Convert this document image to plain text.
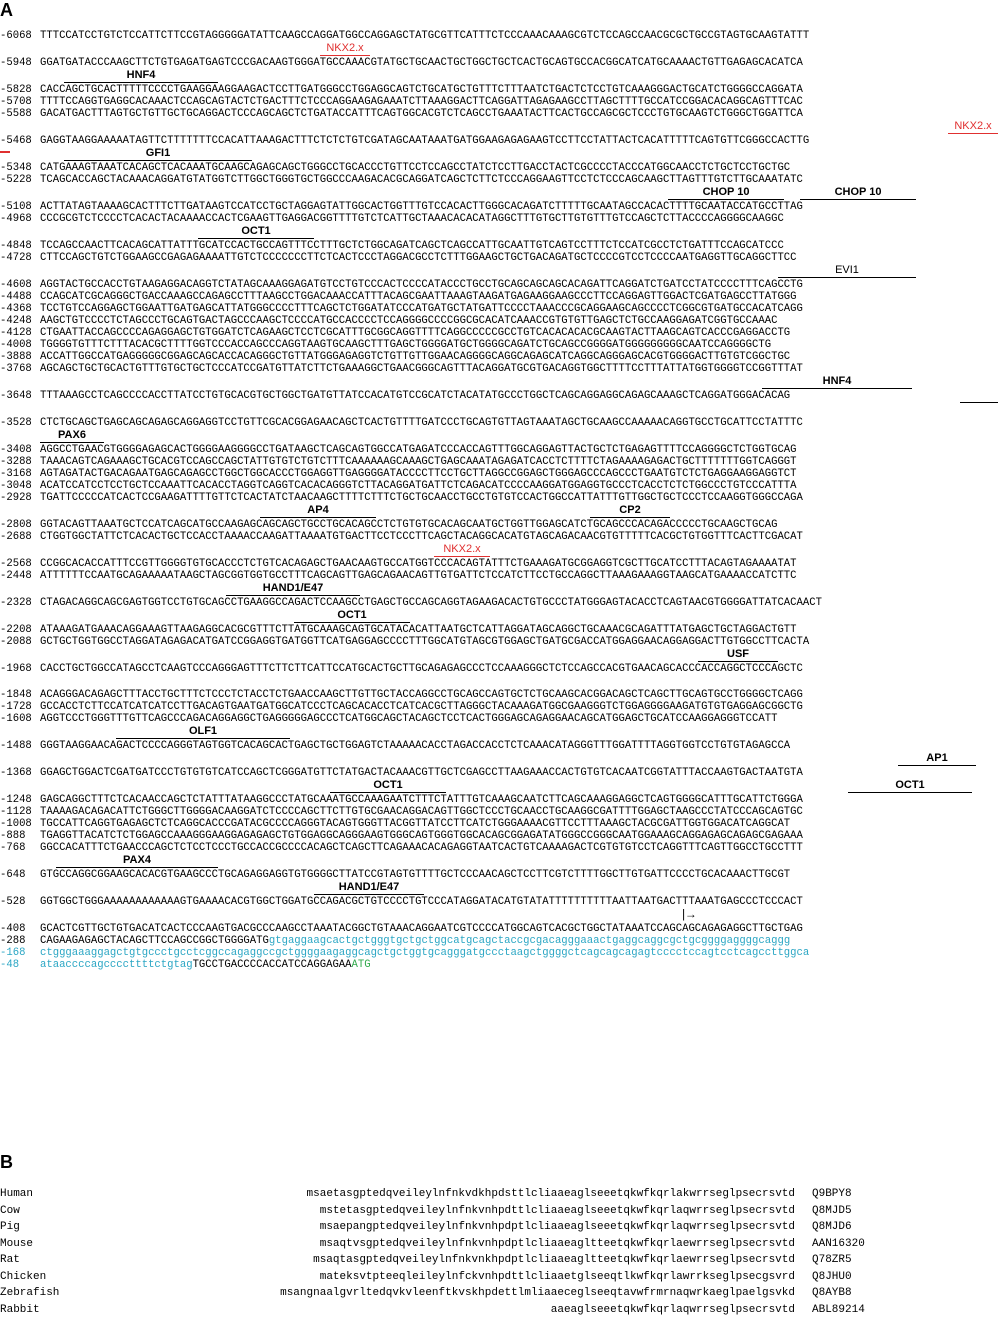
A
-6068 TTTCCATCCTGTCTCCATTCTTCCGTAGGGGGATATTCAAGCCAGGATGGCCAGGAGCTATGCGTTCATTTCTCCCAAACAAAGCGTCTCCAGCCAACGCGCTGCCGTAGTGCAAGTATTT
NKX2.x
-5948 GGATGATACCCAAGCTTCTGTGAGATGAGTCCCGACAAGTGGGATGCCAAACGTATGCTGCAACTGCTGGCTGCTCACTGCAGTGCCACGGCATCATGCAAAACTGTTGAGAGCACATCA
HNF4
-5828 CACCAGCTGCACTTTTTCCCCTGAAGGAAGGAAGACTCCTTGATGGGCCTGGAGGCAGTCTGCATGCTGTTTCTTTAATCTGACTCTCCTGTCAAAGGGACTGCATCTGGGGCCAGGATA
-5708 TTTTCCAGGTGAGGCACAAACTCCAGCAGTACTCTGACTTTCTCCCAGGAAGAGAAATCTTAAAGGACTTCAGGATTAGAGAAGCCTTAGCTTTTGCCATCCGGACACAGGCAGTTTCAC
-5588 GACATGACTTTAGTGCTGTTGCTGCAGGACTCCCAGCAGCTCTGATACCATTTCAGTGGCACGTCTCAGCCTGAAATACTTCACTGCCAGCGCTCCCTGTGCAAGTCTGGGCTGGATTCA
NKX2.x
-5468 GAGGTAAGGAAAAATAGTTCTTTTTTTCCACATTAAAGACTTTCTCTCTGTCGATAGCAATAAATGATGGAAGAGAGAAGTCCTTCCTATTACTCACATTTTTCAGTGTTCGGGCCACTTG
GFI1
-5348 CATGAAAGTAAATCACAGCTCACAAATGCAAGCAGAGCAGCTGGGCCTGCACCCTGTTCCTCCAGCCTATCTCCTTGACCTACTCGCCCCTACCCATGGCAACCTCTGCTCCTGCTGC
-5228 TCAGCACCAGCTACAAACAGGATGTATGGTCTTGGCTGGGTGCTGGCCCAAGACACGCAGGATCAGCTCTTCTCCCAGGAAGTTCCTCTCCCAGCAAGCTTAGTTTGTCTTGCAAATATC
CHOP 10	CHOP 10
-5108 ACTTATAGTAAAAGCACTTTCTTGATAAGTCCATCCTGCTAGGAGTATTGGCACTGGTTTGTCCACACTTGGGCACAGATCTTTTTGCAATAGCCACACTTTTGCAATACCATGCCTTAG
-4968 CCCGCGTCTCCCCTCACACTACAAAACCACTCGAAGTTGAGGACGGTTTTGTCTCATTGCTAAACACACATAGGCTTTGTGCTTGTGTTTGTCCAGCTCTTACCCCAGGGGCAAGGC
OCT1
-4848 TCCAGCCAACTTCACAGCATTATTTGCATCCACTGCCAGTTTCCTTTGCTCTGGCAGATCAGCTCAGCCATTGCAATTGTCAGTCCTTTCTCCATCGCCTCTGATTTCCAGCATCCC
-4728 CTTCCAGCTGTCTGGAAGCCGAGAGAAAATTGTCTCCCCCCCTTCTCACTCCCTAGGACGCCTCTTTGGAAGCTGCTGACAGATGCTCCCCGTCCTCCCCAATGAGGTTGCAGGCTTCC
EVI1
-4608 AGGTACTGCCACCTGTAAGAGGACAGGTCTATAGCAAAGGAGATGTCCTGTCCCACTCCCCATACCCTGCCTGCAGCAGCAGCACAGATTCAGGATCTGATCCTATCCCCTTTCAGCCTG
-4488 CCAGCATCGCAGGGCTGACCAAAGCCAGAGCCTTTAAGCCTGGACAAACCATTTACAGCGAATTAAAGTAAGATGAGAAGGAAGCCCTTCCAGGAGTTGGACTCGATGAGCCTTATGGG
-4368 TCCTGTCCAGGAGCTGGAATTGATGAGCATTATGGGCCCCTTTCAGCTCTGGATATCCCATGATGCTATGATTCCCCTAAACCCGCAGGAAGCAGCCCCTCGGCGTGATGCCACATCAGG
-4248 AAGCTGTCCCCTCTAGCCCTGCAGTGACTAGCCCAAGCTCCCCATGCCACCCCTCCAGGGGCCCCGGCGCACATCAAACCGTGTGTTGAGCTCTGCCAAGGAGATCGGTGCCAAAC
-4128 CTGAATTACCAGCCCCAGAGGAGCTGTGGATCTCAGAAGCTCCTCGCATTTGCGGCAGGTTTTCAGGCCCCCGCCTGTCACACACACGCAAGTACTTAAGCAGTCACCCGAGGACCTG
-4008 TGGGGTGTTTCTTTACACGCTTTTGGTCCCACCAGCCCAGGTAAGTGCAAGCTTTGAGCTGGGGATGCTGGGGCAGATCTGCAGCCGGGGATGGGGGGGGGCAATCCAGGGGCTG
-3888 ACCATTGGCCATGAGGGGGCGGAGCAGCACCACAGGGCTGTTATGGGAGAGGTCTGTTGTTGGAACAGGGGCAGGCAGAGCATCAGGCAGGGAGCACGTGGGGACTTGTGTCGGCTGC
-3768 AGCAGCTGCTGCACTGTTTGTGCTGCTCCCATCCGATGTTATCTTCTGAAAGGCTGAACGGGCAGTTTACAGGATGCGTGACAGGTGGCTTTTCCTTTATTATGGTGGGGTCCGGTTTAT
HNF4
-3648 TTTAAAGCCTCAGCCCCACCTTATCCTGTGCACGTGCTGGCTGATGTTATCCACATGTCCGCATCTACATATGCCCTGGCTCAGCAGGAGGCAGAGCAAAGCTCAGGATGGGACACAG
-3528 CTCTGCAGCTGAGCAGCAGAGCAGGAGGTCCTGTTCGCACGGAGAACAGCTCACTGTTTTGATCCCTGCAGTGTTAGTAAATAGCTGCAAGCCAAAAACAGGTGCCTGCATTCCTATTTC
PAX6
-3408 AGGCCTGAACGTGGGGAGAGCACTGGGGAAGGGGCCTGATAAGCTCAGCAGTGGCCATGAGATCCCACCAGTTTGGCAGGAGTTACTGCTCTGAGAGTTTTCCAGGGGCTCTGGTGCAG
-3288 TAAACAGTCAGAAAGCTGCACGTCCAGCCAGCTATTGTGTCTGTCTTTCAAAAAAGCAAAGCTGAGCAAATAGAGATCACCTCTTTTCTAGAAAAGAGACTGCTTTTTTTGGTCAGGGT
-3168 AGTAGATACTGACAGAATGAGCAGAGCCTGGCTGGCACCCTGGAGGTTGAGGGGATACCCCTTCCTGCTTAGGCCGGAGCTGGGAGCCCAGCCCTGAATGTCTCTGAGGAAGGAGGTCT
-3048 ACATCCATCCTCCTGCTCCAAATTCACACCTAGGTCAGGTCACACAGGGTCTTACAGGATGATTCTCAGACATCCCCAAGGATGGAGGTGCCCTCACCTCTCTGGCCCTGTCCCATTTA
-2928 TGATTCCCCCATCACTCCGAAGATTTTGTTCTCACTATCTAACAAGCTTTTCTTTCTGCTGCAACCTGCCTGTGTCCACTGGCCATTATTTGTTGGCTGCTCCCTCCAAGGTGGGCCAGA
AP4	CP2
-2808 GGTACAGTTAAATGCTCCATCAGCATGCCAAGAGCAGCAGCTGCCTGCACAGCCTCTGTGTGCACAGCAATGCTGGTTGGAGCATCTGCAGCCCACAGACCCCCTGCAAGCTGCAG
-2688 CTGGTGGCTATTCTCACACTGCTCCACCTAAAACCAAGATTAAAATGTGACTTCCTCCCTTCAGCTACAGGCACATGTAGCAGACAACGTGTTTTTCACGCTGTGGTTTCACTTCGACAT
NKX2.x
-2568 CCGGCACACCATTTCCGTTGGGGTGTGCACCCTCTGTCACAGAGCTGAACAAGTGCCATGGTCCCACAGTATTTCTGAAAGATGCGGAGGTCGCTTGCATCCTTTACAGTAGAAAATAT
-2448 ATTTTTTCCAATGCAGAAAAATAAGCTAGCGGTGGTGCCTTTCAGCAGTTGAGCAGAACAGTTGTGATTCTCCATCTTCCTGCCAGGCTTAAAGAAAGGTAAGCATGAAAACCATCTTC
HAND1/E47
-2328 CTAGACAGGCAGCGAGTGGTCCTGTGCAGCCTGAAGGCCAGACTCCAAGCCTGAGCTGCCAGCAGGTAGAAGACACTGTGCCCTATGGGAGTACACCTCAGTAACGTGGGGATTATCACAACT
OCT1
-2208 ATAAAGATGAAACAGGAAAGTTAAGAGGCACGCGTTTCTTATGCAAAGCAGTGCATACACATTAATGCTCATTAGGATAGCAGGCTGCAAACGCAGATTTATGAGCTGCTAGGACTGTT
-2088 GCTGCTGGTGGCCTAGGATAGAGACATGATCCGGAGGTGATGGTTCATGAGGAGCCCCTTTGGCATGTAGCGTGGAGCTGATGCGACCATGGAGGAACAGGAGGACTTGTGGCCTTCACTA
USF
-1968 CACCTGCTGGCCATAGCCTCAAGTCCCAGGGAGTTTCTTCTTCATTCCATGCACTGCTTGCAGAGAGCCCTCCAAAGGGCTCTCCAGCCACGTGAACAGCACCCACCAGGCTCCCAGCTC
-1848 ACAGGGACAGAGCTTTACCTGCTTTCTCCCTCTACCTCTGAACCAAGCTTGTTGCTACCAGGCCTGCAGCCAGTGCTCTGCAAGCACGGACAGCTCAGCTTGCAGTGCCTGGGGCTCAGG
-1728 GCCACCTCTTCCATCATCATCCTTGACAGTGAATGATGGCATCCCTCAGCACACCTCATCACGCTTAGGGCTACAAAGATGGCGAAGGGTCTGGAGGGGAAGATGTGTGAGGAGCGGCTG
-1608 AGGTCCCTGGGTTTGTTCAGCCCAGACAGGAGGCTGAGGGGGAGCCCTCATGGCAGCTACAGCTCCTCACTGGGAGCAGAGGAACAGCATGGAGCTGCATCCAAGGAGGGTCCATT
OLF1
-1488 GGGTAAGGAACAGACTCCCCAGGGTAGTGGTCACAGCACTGAGCTGCTGGAGTCTAAAAACACCTAGACCACCTCTCAAACATAGGGTTTGGATTTTAGGTGGTCCTGTGTAGAGCCA
AP1
-1368 GGAGCTGGACTCGATGATCCCTGTGTGTCATCCAGCTCGGGATGTTCTATGACTACAAACGTTGCTCGAGCCTTAAGAAACCACTGTGTCACAATCGGTATTTACCAAGTGACTAATGTA
OCT1	OCT1
-1248 GAGCAGGCTTTCTCACAACCAGCTCTATTTATAAGGCCCTATGCAAATGCCAAAGAATCTTTCTATTTGTCAAAGCAATCTTCAGCAAAGGAGGCTCAGTGGGGCATTTGCATTCTGGGA
-1128 TAAAAGACAGACATTCTGGGCTTGGGGACAAGGATCTCCCCAGCTTCTTGTGCGAACAGGACAGTTGGCTCCCTGCAACCTGCAAGGCGATTTTGGAGCTAAGCCCTATCCCAGCAGTGC
-1008 TGCCATTCAGGTGAGAGCTCTCAGGCACCCGATACGCCCCAGGGTACAGTGGGTTACGGTTATCCTTCATCTGGGAAAACGTTCCTTTAAAGCTACGCGATTGGTGGACATCAGGCAT
-888	TGAGGTTACATCTCTGGAGCCAAAGGGAAGGAGAGAGCTGTGGAGGCAGGGAAGTGGGCAGTGGGTGGCACAGCGGAGATATGGGCCGGGCAATGGAAAGCAGGAGAGCAGAGCGAGAAA
-768	GGCCACATTTCTGAACCCAGCTCTCCTCCCTGCCACCGCCCCACAGCTCAGCTTCAGAAACACAGAGGTAATCACTGTCAAAAGACTCGTGTGTCCTCAGGTTTCAGTTGGCCTGCCTTT
PAX4
-648	GTGCCAGGCGGAAGCACACGTGAAGCCCTGCAGAGGAGGTGTGGGGCTTATCCGTAGTGTTTTGCTCCCAACAGCTCCTTCGTCTTTTGGCTTGTGATTCCCCTGCACAAACTTGCGT
HAND1/E47
-528	GGTGGCTGGGAAAAAAAAAAAAGTGAAAACACGTGGCTGGATGCCAGACGCTGTCCCCTGTCCCATAGGATACATGTATATTTTTTTTTTAATTAATGACTTTAAATGAGCCCTCCCACT
|→
-408	GCACTCGTTGCTGTGACATCACTCCCAAGTGACGCCCAAGCCTAAATACGGCTGTAAACAGGAATCGTCCCCATGGCAGTCACGCTGGCTATAAATCCAGCAGCAGAGAGGCTTGCTGAG
-288	CAGAAGAGAGCTACAGCTTCCAGCCGGCTGGGGATGgtgaggaagcactgctgggtgctgctggcatgcagctaccgcgacagggaaactgaggcaggcgctgcggggaggggcaggg
-168	ctgggaaaggagctgtgccctgcctcggccagaggccgctggggaagaggcagctgctggtgcagggatgccctaagctggggctcagcagcagagtcccctccagtcctcagccttggca
-48	ataaccccagccccttttctgtagTGCCTGACCCCACCATCCAGGAGAAATG
B
Human	msaetasgptedqveileylnfnkvdkhpdsttlcliaaeaglseeetqkwfkqrlakwrrseglpsecrsvtd Q9BPY8
Cow	mstetasgptedqveileylnfnkvnhpdttlcliaaeaglseeetqkwfkqrlaqwrrseglpsecrsvtd Q8MJD5
Pig	msaepangptedqveileylnfnkvnhpdptlcliaaeaglseeetqkwfkqrlaqwrrseglpsecrsvtd Q8MJD6
Mouse	msaqtvsgptedqveileylnfnkvnhpdptlcliaaeagltteetqkwfkqrlaewrrseglpsecrsvtd AAN16320
Rat	msaqtasgptedqveileylnfnkvnkhpdptlcliaaeagltteetqkwfkqrlaewrrseglpsecrsvtd Q78ZR5
Chicken	mateksvtpteeqleileylnfckvnhpdttlcliaaetglseeqtlkwfkqrlawrrkseglpsecgsvrd Q8JHU0
Zebrafish	msangnaalgvrltedqvkvleenftkvskhpdettlmliaaeceglseeqtavwfrmrnaqwrkaeglpaelgsvkd Q8AYB8
Rabbit	aaeaglseeetqkwfkqrlaqwrrseglpsecrsvtd ABL89214
